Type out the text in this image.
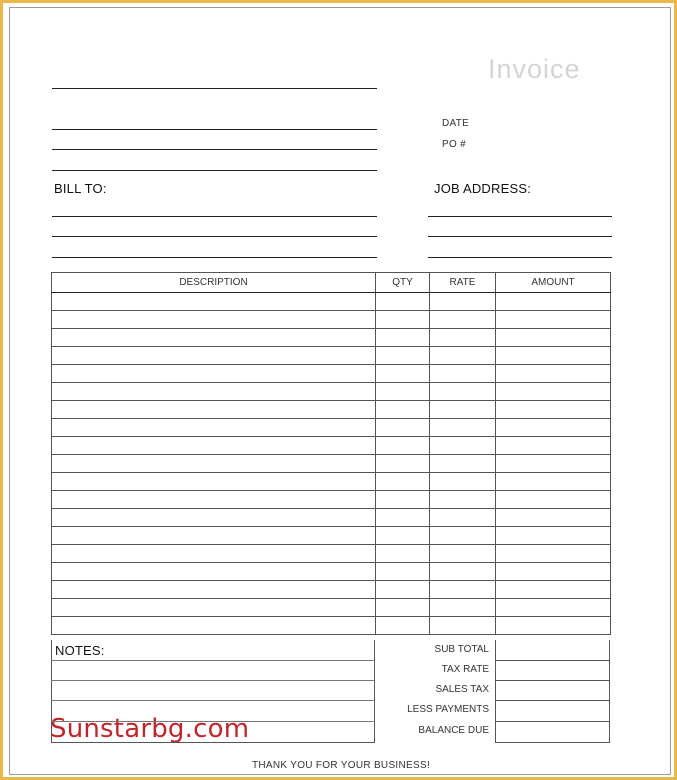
Invoice
DATE
PO #
BILL TO:	JOB ADDRESS:
Sunstarbg.com
THANK YOU FOR YOUR BUSINESS!
DESCRIPTION	QTY	RATE	AMOUNT

NOTES:	SUB TOTAL
TAX RATE
SALES TAX
LESS PAYMENTS
BALANCE DUE
